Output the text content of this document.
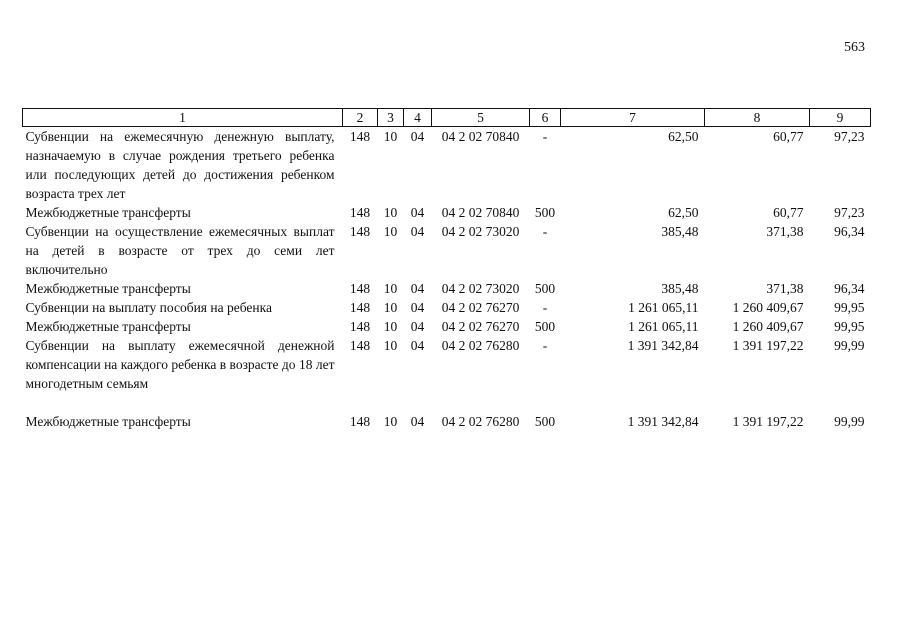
563
1	2	3	4	5	6	7	8	9
Субвенции на ежемесячную денежную выплату, назначаемую в случае рождения третьего ребенка или последующих детей до достижения ребенком возраста трех лет	148	10	04	04 2 02 70840	-	62,50	60,77	97,23
Межбюджетные трансферты	148	10	04	04 2 02 70840	500	62,50	60,77	97,23
Субвенции на осуществление ежемесячных выплат на детей в возрасте от трех до семи лет включительно	148	10	04	04 2 02 73020	-	385,48	371,38	96,34
Межбюджетные трансферты	148	10	04	04 2 02 73020	500	385,48	371,38	96,34
Субвенции на выплату пособия на ребенка	148	10	04	04 2 02 76270	-	1 261 065,11	1 260 409,67	99,95
Межбюджетные трансферты	148	10	04	04 2 02 76270	500	1 261 065,11	1 260 409,67	99,95
Субвенции на выплату ежемесячной денежной компенсации на каждого ребенка в возрасте до 18 лет многодетным семьям	148	10	04	04 2 02 76280	-	1 391 342,84	1 391 197,22	99,99

Межбюджетные трансферты	148	10	04	04 2 02 76280	500	1 391 342,84	1 391 197,22	99,99
